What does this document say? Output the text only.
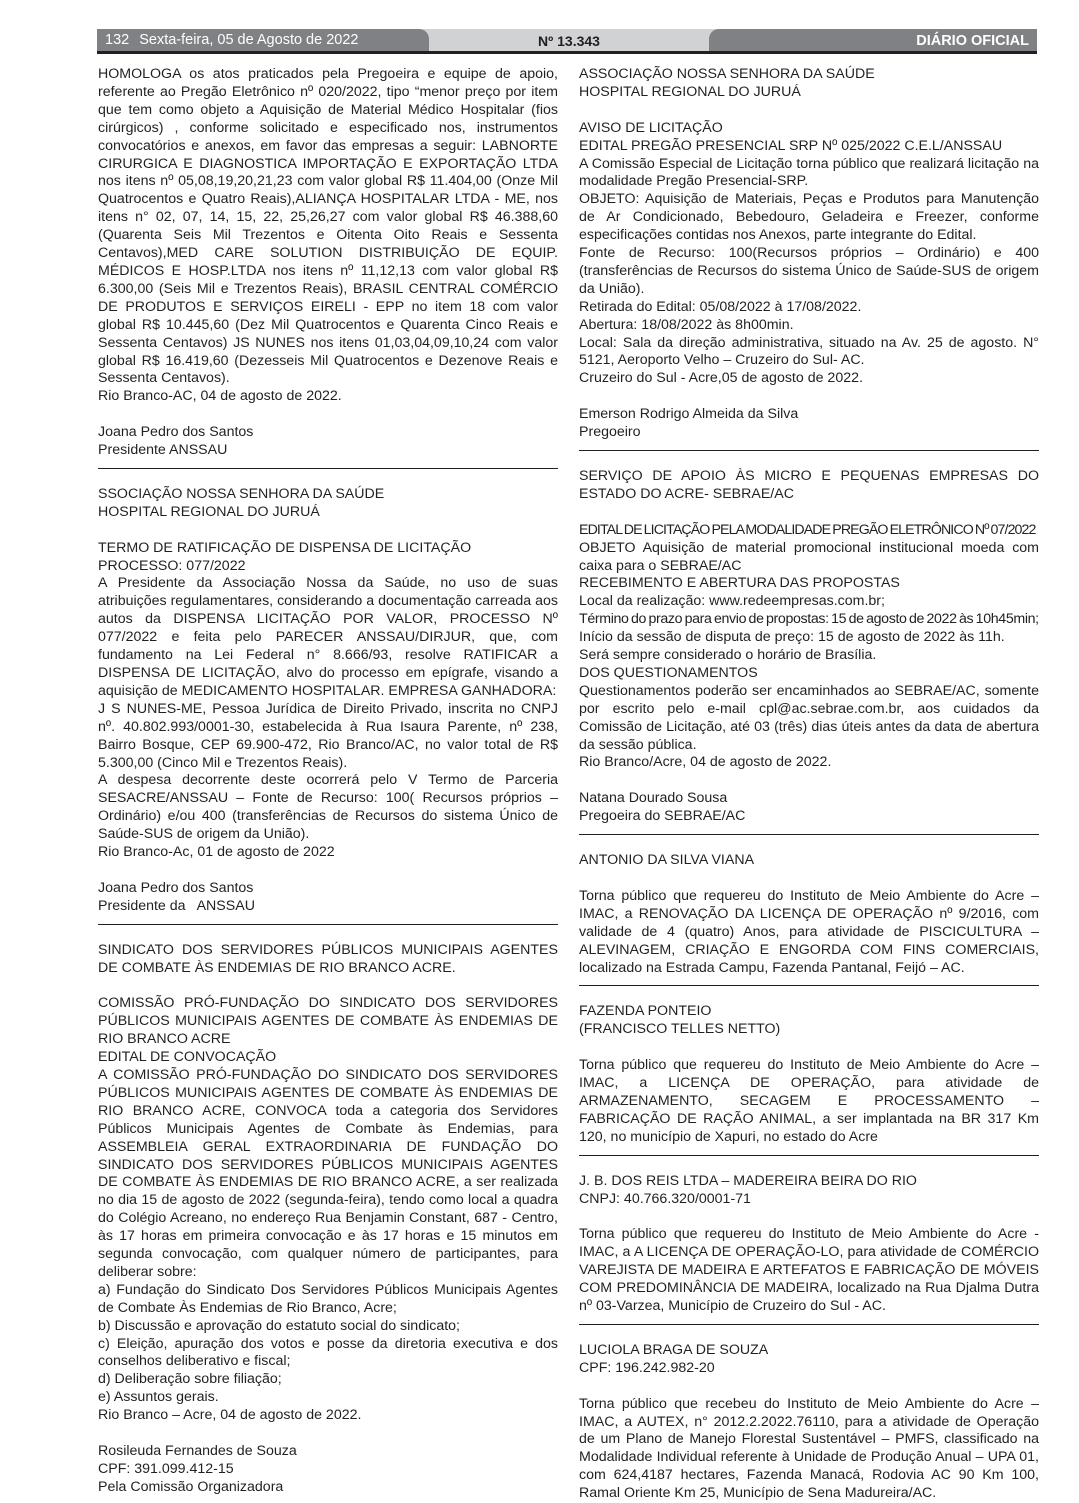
132 Sexta-feira, 05 de Agosto de 2022	Nº 13.343	DIÁRIO OFICIAL

HOMOLOGA os atos praticados pela Pregoeira e equipe de apoio, referente ao Pregão Eletrônico nº 020/2022, tipo “menor preço por item que tem como objeto a Aquisição de Material Médico Hospitalar (fios cirúrgicos) , conforme solicitado e especificado nos, instrumentos convocatórios e anexos, em favor das empresas a seguir: LABNORTE CIRURGICA E DIAGNOSTICA IMPORTAÇÃO E EXPORTAÇÃO LTDA nos itens nº 05,08,19,20,21,23 com valor global R$ 11.404,00 (Onze Mil Quatrocentos e Quatro Reais),ALIANÇA HOSPITALAR LTDA - ME, nos itens n° 02, 07, 14, 15, 22, 25,26,27 com valor global R$ 46.388,60 (Quarenta Seis Mil Trezentos e Oitenta Oito Reais e Sessenta Centavos),MED CARE SOLUTION DISTRIBUIÇÃO DE EQUIP. MÉDICOS E HOSP.LTDA nos itens nº 11,12,13 com valor global R$ 6.300,00 (Seis Mil e Trezentos Reais), BRASIL CENTRAL COMÉRCIO DE PRODUTOS E SERVIÇOS EIRELI - EPP no item 18 com valor global R$ 10.445,60 (Dez Mil Quatrocentos e Quarenta Cinco Reais e Sessenta Centavos) JS NUNES nos itens 01,03,04,09,10,24 com valor global R$ 16.419,60 (Dezesseis Mil Quatrocentos e Dezenove Reais e Sessenta Centavos).

Rio Branco-AC, 04 de agosto de 2022.

Joana Pedro dos Santos

Presidente ANSSAU

SSOCIAÇÃO NOSSA SENHORA DA SAÚDE

HOSPITAL REGIONAL DO JURUÁ

TERMO DE RATIFICAÇÃO DE DISPENSA DE LICITAÇÃO

PROCESSO: 077/2022

A Presidente da Associação Nossa da Saúde, no uso de suas atribuições regulamentares, considerando a documentação carreada aos autos da DISPENSA LICITAÇÃO POR VALOR, PROCESSO Nº 077/2022 e feita pelo PARECER ANSSAU/DIRJUR, que, com fundamento na Lei Federal n° 8.666/93, resolve RATIFICAR a DISPENSA DE LICITAÇÃO, alvo do processo em epígrafe, visando a aquisição de MEDICAMENTO HOSPITALAR. EMPRESA GANHADORA:

J S NUNES-ME, Pessoa Jurídica de Direito Privado, inscrita no CNPJ nº. 40.802.993/0001-30, estabelecida à Rua Isaura Parente, nº 238, Bairro Bosque, CEP 69.900-472, Rio Branco/AC, no valor total de R$ 5.300,00 (Cinco Mil e Trezentos Reais).

A despesa decorrente deste ocorrerá pelo V Termo de Parceria SESACRE/ANSSAU – Fonte de Recurso: 100( Recursos próprios – Ordinário) e/ou 400 (transferências de Recursos do sistema Único de Saúde-SUS de origem da União).

Rio Branco-Ac, 01 de agosto de 2022

Joana Pedro dos Santos

Presidente da   ANSSAU

SINDICATO DOS SERVIDORES PÚBLICOS MUNICIPAIS AGENTES DE COMBATE ÀS ENDEMIAS DE RIO BRANCO ACRE.

COMISSÃO PRÓ-FUNDAÇÃO DO SINDICATO DOS SERVIDORES PÚBLICOS MUNICIPAIS AGENTES DE COMBATE ÀS ENDEMIAS DE RIO BRANCO ACRE

EDITAL DE CONVOCAÇÃO

A COMISSÃO PRÓ-FUNDAÇÃO DO SINDICATO DOS SERVIDORES PÚBLICOS MUNICIPAIS AGENTES DE COMBATE ÀS ENDEMIAS DE RIO BRANCO ACRE, CONVOCA toda a categoria dos Servidores Públicos Municipais Agentes de Combate às Endemias, para ASSEMBLEIA GERAL EXTRAORDINARIA DE FUNDAÇÃO DO SINDICATO DOS SERVIDORES PÚBLICOS MUNICIPAIS AGENTES DE COMBATE ÀS ENDEMIAS DE RIO BRANCO ACRE, a ser realizada no dia 15 de agosto de 2022 (segunda-feira), tendo como local a quadra do Colégio Acreano, no endereço Rua Benjamin Constant, 687 - Centro, às 17 horas em primeira convocação e às 17 horas e 15 minutos em segunda convocação, com qualquer número de participantes, para deliberar sobre:

a) Fundação do Sindicato Dos Servidores Públicos Municipais Agentes de Combate Às Endemias de Rio Branco, Acre;

b) Discussão e aprovação do estatuto social do sindicato;

c) Eleição, apuração dos votos e posse da diretoria executiva e dos conselhos deliberativo e fiscal;

d) Deliberação sobre filiação;

e) Assuntos gerais.

Rio Branco – Acre, 04 de agosto de 2022.

Rosileuda Fernandes de Souza

CPF: 391.099.412-15

Pela Comissão Organizadora

ASSOCIAÇÃO NOSSA SENHORA DA SAÚDE

HOSPITAL REGIONAL DO JURUÁ

AVISO DE LICITAÇÃO

EDITAL PREGÃO PRESENCIAL SRP Nº 025/2022 C.E.L/ANSSAU

A Comissão Especial de Licitação torna público que realizará licitação na modalidade Pregão Presencial-SRP.

OBJETO: Aquisição de Materiais, Peças e Produtos para Manutenção de Ar Condicionado, Bebedouro, Geladeira e Freezer, conforme especificações contidas nos Anexos, parte integrante do Edital.

Fonte de Recurso: 100(Recursos próprios – Ordinário) e 400 (transferências de Recursos do sistema Único de Saúde-SUS de origem da União).

Retirada do Edital: 05/08/2022 à 17/08/2022.

Abertura: 18/08/2022 às 8h00min.

Local: Sala da direção administrativa, situado na Av. 25 de agosto. N° 5121, Aeroporto Velho – Cruzeiro do Sul- AC.

Cruzeiro do Sul - Acre,05 de agosto de 2022.

Emerson Rodrigo Almeida da Silva

Pregoeiro

SERVIÇO DE APOIO ÀS MICRO E PEQUENAS EMPRESAS DO ESTADO DO ACRE- SEBRAE/AC

EDITAL DE LICITAÇÃO PELA MODALIDADE PREGÃO ELETRÔNICO Nº 07/2022

OBJETO Aquisição de material promocional institucional moeda com caixa para o SEBRAE/AC

RECEBIMENTO E ABERTURA DAS PROPOSTAS

Local da realização: www.redeempresas.com.br;

Término do prazo para envio de propostas: 15 de agosto de 2022 às 10h45min;

Início da sessão de disputa de preço: 15 de agosto de 2022 às 11h.

Será sempre considerado o horário de Brasília.

DOS QUESTIONAMENTOS

Questionamentos poderão ser encaminhados ao SEBRAE/AC, somente por escrito pelo e-mail cpl@ac.sebrae.com.br, aos cuidados da Comissão de Licitação, até 03 (três) dias úteis antes da data de abertura da sessão pública.

Rio Branco/Acre, 04 de agosto de 2022.

Natana Dourado Sousa

Pregoeira do SEBRAE/AC

ANTONIO DA SILVA VIANA

Torna público que requereu do Instituto de Meio Ambiente do Acre – IMAC, a RENOVAÇÃO DA LICENÇA DE OPERAÇÃO nº 9/2016, com validade de 4 (quatro) Anos, para atividade de PISCICULTURA – ALEVINAGEM, CRIAÇÃO E ENGORDA COM FINS COMERCIAIS, localizado na Estrada Campu, Fazenda Pantanal, Feijó – AC.

FAZENDA PONTEIO

(FRANCISCO TELLES NETTO)

Torna público que requereu do Instituto de Meio Ambiente do Acre – IMAC, a LICENÇA DE OPERAÇÃO, para atividade de ARMAZENAMENTO, SECAGEM E PROCESSAMENTO – FABRICAÇÃO DE RAÇÃO ANIMAL, a ser implantada na BR 317 Km 120, no município de Xapuri, no estado do Acre

J. B. DOS REIS LTDA – MADEREIRA BEIRA DO RIO

CNPJ: 40.766.320/0001-71

Torna público que requereu do Instituto de Meio Ambiente do Acre - IMAC, a A LICENÇA DE OPERAÇÃO-LO, para atividade de COMÉRCIO VAREJISTA DE MADEIRA E ARTEFATOS E FABRICAÇÃO DE MÓVEIS COM PREDOMINÂNCIA DE MADEIRA, localizado na Rua Djalma Dutra nº 03-Varzea, Município de Cruzeiro do Sul - AC.

LUCIOLA BRAGA DE SOUZA

CPF: 196.242.982-20

Torna público que recebeu do Instituto de Meio Ambiente do Acre – IMAC, a AUTEX, n° 2012.2.2022.76110, para a atividade de Operação de um Plano de Manejo Florestal Sustentável – PMFS, classificado na Modalidade Individual referente à Unidade de Produção Anual – UPA 01, com 624,4187 hectares, Fazenda Manacá, Rodovia AC 90 Km 100, Ramal Oriente Km 25, Município de Sena Madureira/AC.
